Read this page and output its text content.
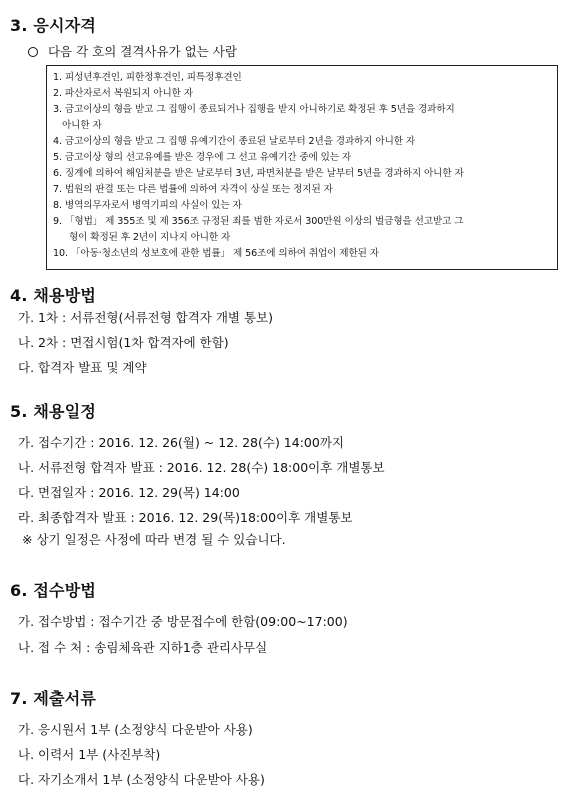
3. 응시자격
다음 각 호의 결격사유가 없는 사람
1. 피성년후견인, 피한정후견인, 피특정후견인
2. 파산자로서 복원되지 아니한 자
3. 금고이상의 형을 받고 그 집행이 종료되거나 집행을 받지 아니하기로 확정된 후 5년을 경과하지
아니한 자
4. 금고이상의 형을 받고 그 집행 유예기간이 종료된 날로부터 2년을 경과하지 아니한 자
5. 금고이상 형의 선고유예를 받은 경우에 그 선고 유예기간 중에 있는 자
6. 징계에 의하여 해임처분을 받은 날로부터 3년, 파면처분을 받은 날부터 5년을 경과하지 아니한 자
7. 법원의 판결 또는 다른 법률에 의하여 자격이 상실 또는 정지된 자
8. 병역의무자로서 병역기피의 사실이 있는 자
9. 「형법」 제 355조 및 제 356조 규정된 죄를 범한 자로서 300만원 이상의 벌금형을 선고받고 그
형이 확정된 후 2년이 지나지 아니한 자
10. 「아동·청소년의 성보호에 관한 법률」 제 56조에 의하여 취업이 제한된 자
4. 채용방법
가. 1차 : 서류전형(서류전형 합격자 개별 통보)
나. 2차 : 면접시험(1차 합격자에 한함)
다. 합격자 발표 및 계약
5. 채용일정
가. 접수기간 : 2016. 12. 26(월) ~ 12. 28(수) 14:00까지
나. 서류전형 합격자 발표 : 2016. 12. 28(수) 18:00이후 개별통보
다. 면접일자 : 2016. 12. 29(목) 14:00
라. 최종합격자 발표 : 2016. 12. 29(목)18:00이후 개별통보
※ 상기 일정은 사정에 따라 변경 될 수 있습니다.
6. 접수방법
가. 접수방법 : 접수기간 중 방문접수에 한함(09:00~17:00)
나. 접 수 처 : 송림체육관 지하1층 관리사무실
7. 제출서류
가. 응시원서 1부 (소정양식 다운받아 사용)
나. 이력서 1부 (사진부착)
다. 자기소개서 1부 (소정양식 다운받아 사용)
